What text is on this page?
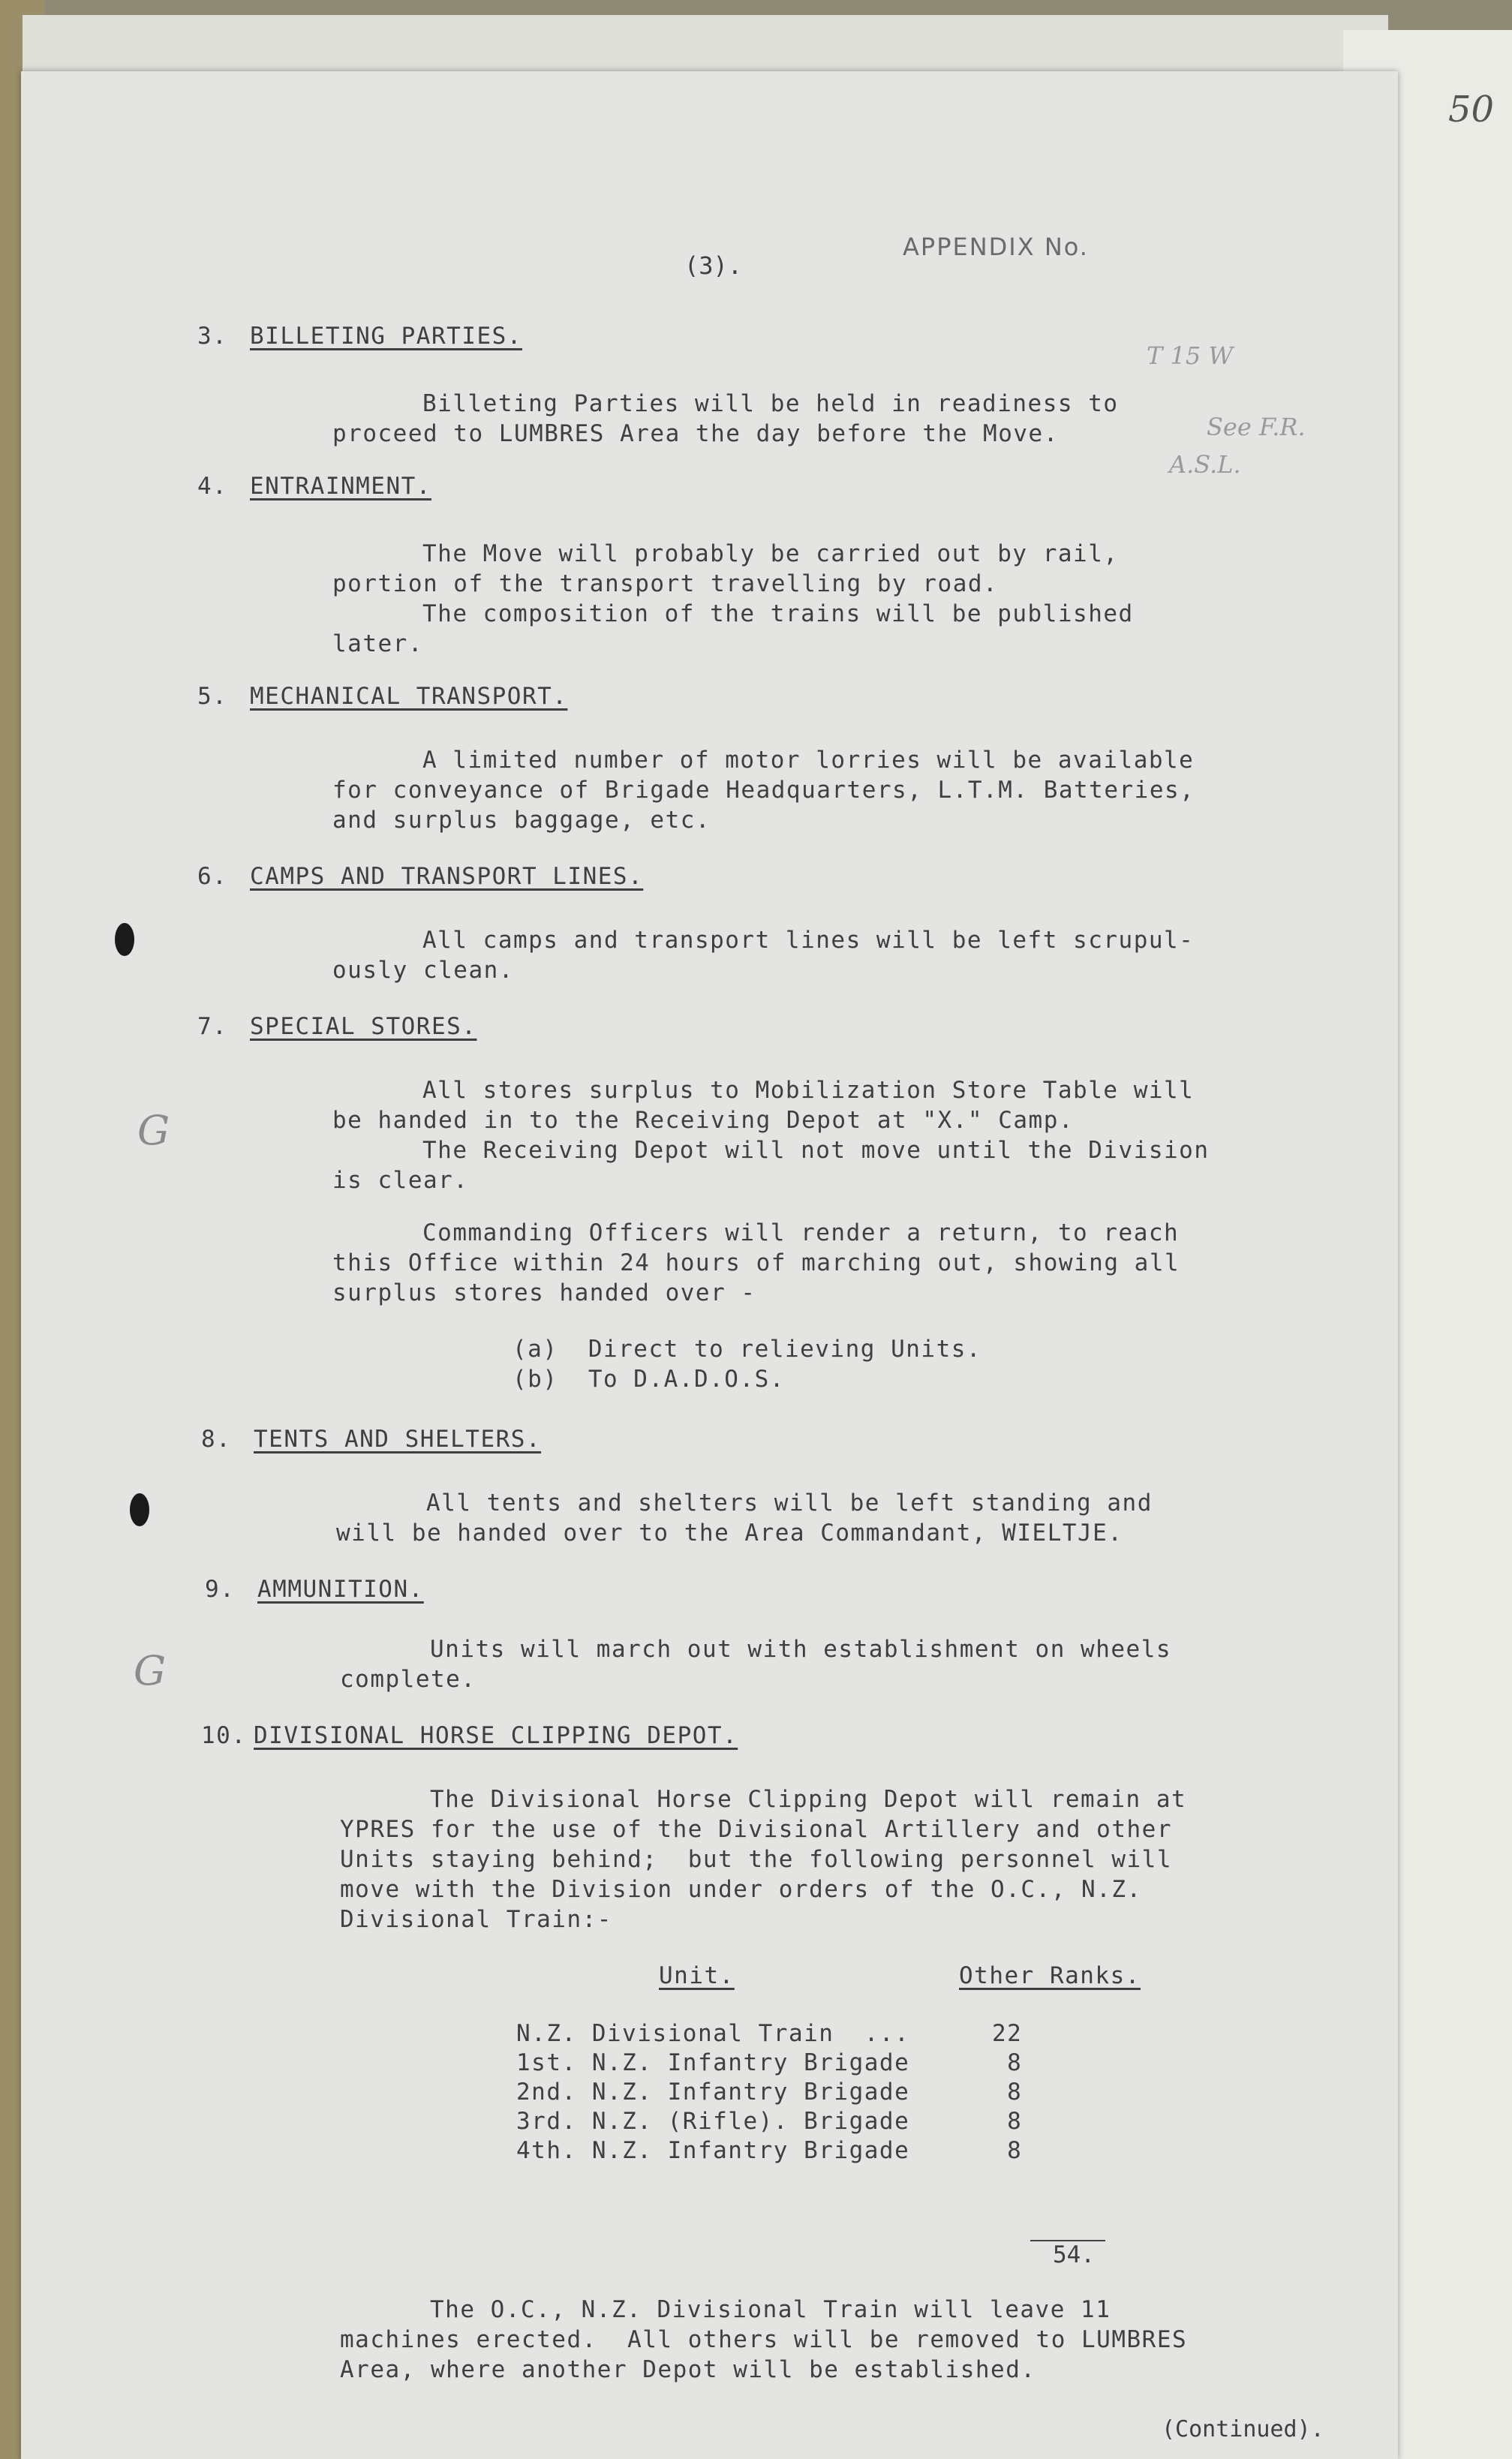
50
G
G
(3).
APPENDIX No.
T 15 W
See F.R.
A.S.L.
3. BILLETING PARTIES.
Billeting Parties will be held in readiness to
proceed to LUMBRES Area the day before the Move.
4. ENTRAINMENT.
The Move will probably be carried out by rail,
portion of the transport travelling by road.
The composition of the trains will be published
later.
5. MECHANICAL TRANSPORT.
A limited number of motor lorries will be available
for conveyance of Brigade Headquarters, L.T.M. Batteries,
and surplus baggage, etc.
6. CAMPS AND TRANSPORT LINES.
All camps and transport lines will be left scrupul-
ously clean.
7. SPECIAL STORES.
All stores surplus to Mobilization Store Table will
be handed in to the Receiving Depot at "X." Camp.
The Receiving Depot will not move until the Division
is clear.
Commanding Officers will render a return, to reach
this Office within 24 hours of marching out, showing all
surplus stores handed over -
(a)  Direct to relieving Units.
(b)  To D.A.D.O.S.
8. TENTS AND SHELTERS.
All tents and shelters will be left standing and
will be handed over to the Area Commandant, WIELTJE.
9. AMMUNITION.
Units will march out with establishment on wheels
complete.
10. DIVISIONAL HORSE CLIPPING DEPOT.
The Divisional Horse Clipping Depot will remain at
YPRES for the use of the Divisional Artillery and other
Units staying behind;  but the following personnel will
move with the Division under orders of the O.C., N.Z.
Divisional Train:-
Unit.	Other Ranks.
N.Z. Divisional Train  ...	22
1st. N.Z. Infantry Brigade	8
2nd. N.Z. Infantry Brigade	8
3rd. N.Z. (Rifle). Brigade	8
4th. N.Z. Infantry Brigade	8
54.
The O.C., N.Z. Divisional Train will leave 11
machines erected.  All others will be removed to LUMBRES
Area, where another Depot will be established.
(Continued).
